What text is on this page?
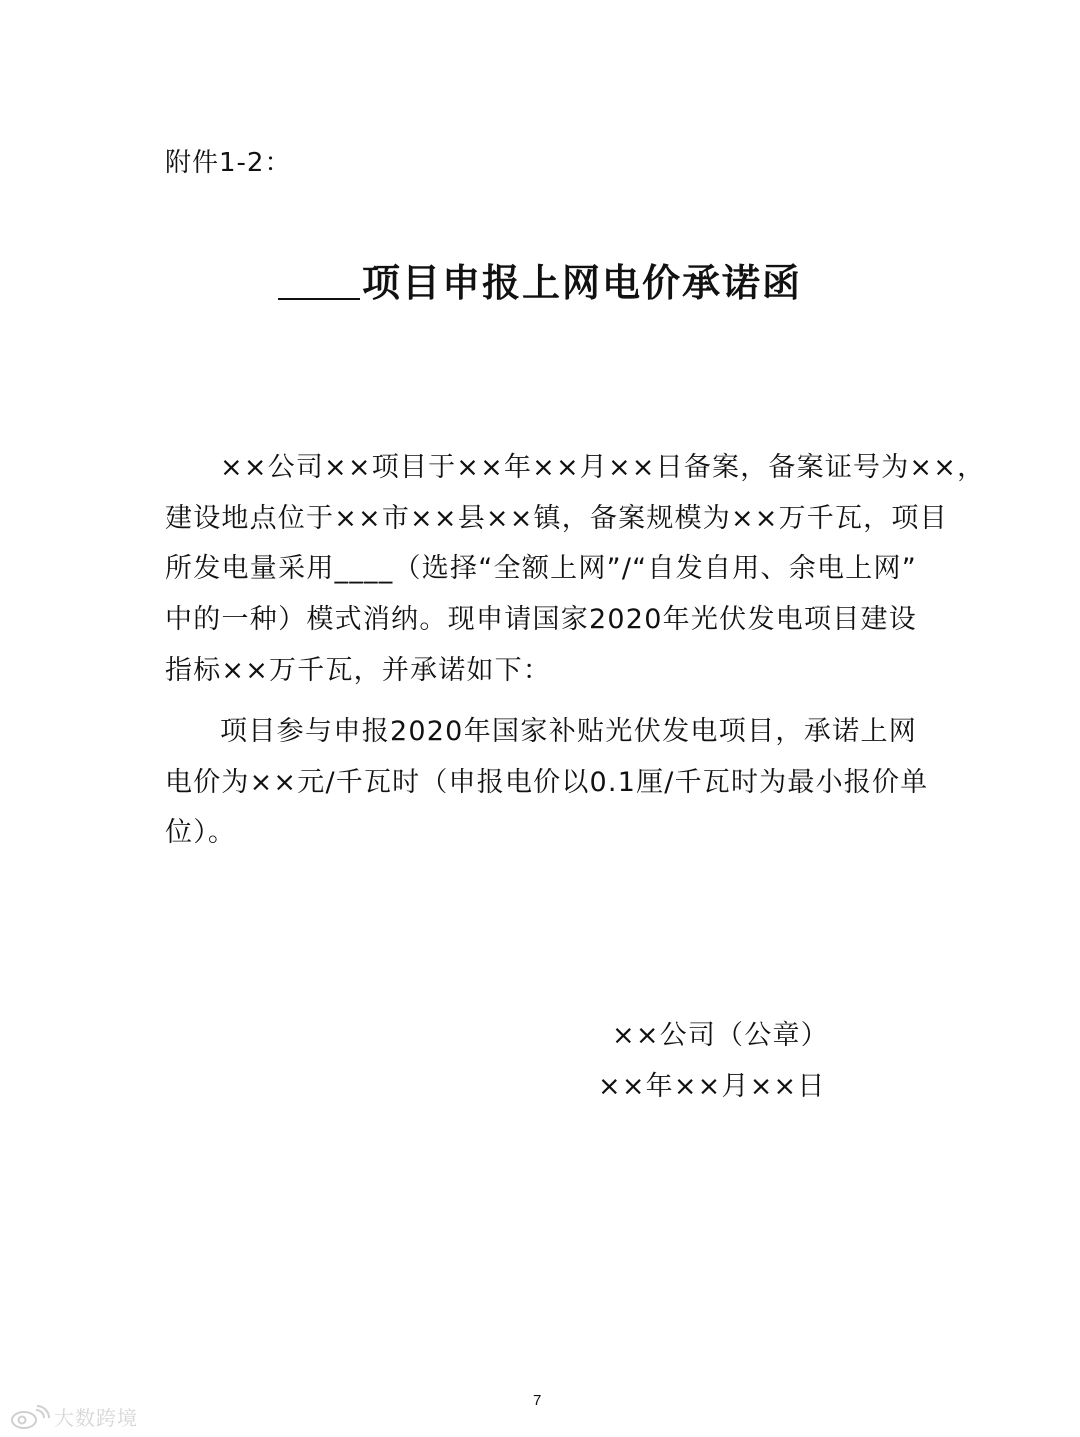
附件1-2：
项目申报上网电价承诺函
××公司××项目于××年××月××日备案，备案证号为××，
建设地点位于××市××县××镇，备案规模为××万千瓦，项目
所发电量采用____（选择“全额上网”/“自发自用、余电上网”
中的一种）模式消纳。现申请国家2020年光伏发电项目建设
指标××万千瓦，并承诺如下：
项目参与申报2020年国家补贴光伏发电项目，承诺上网
电价为××元/千瓦时（申报电价以0.1厘/千瓦时为最小报价单
位）。
××公司（公章）
××年××月××日
7
大数跨境
